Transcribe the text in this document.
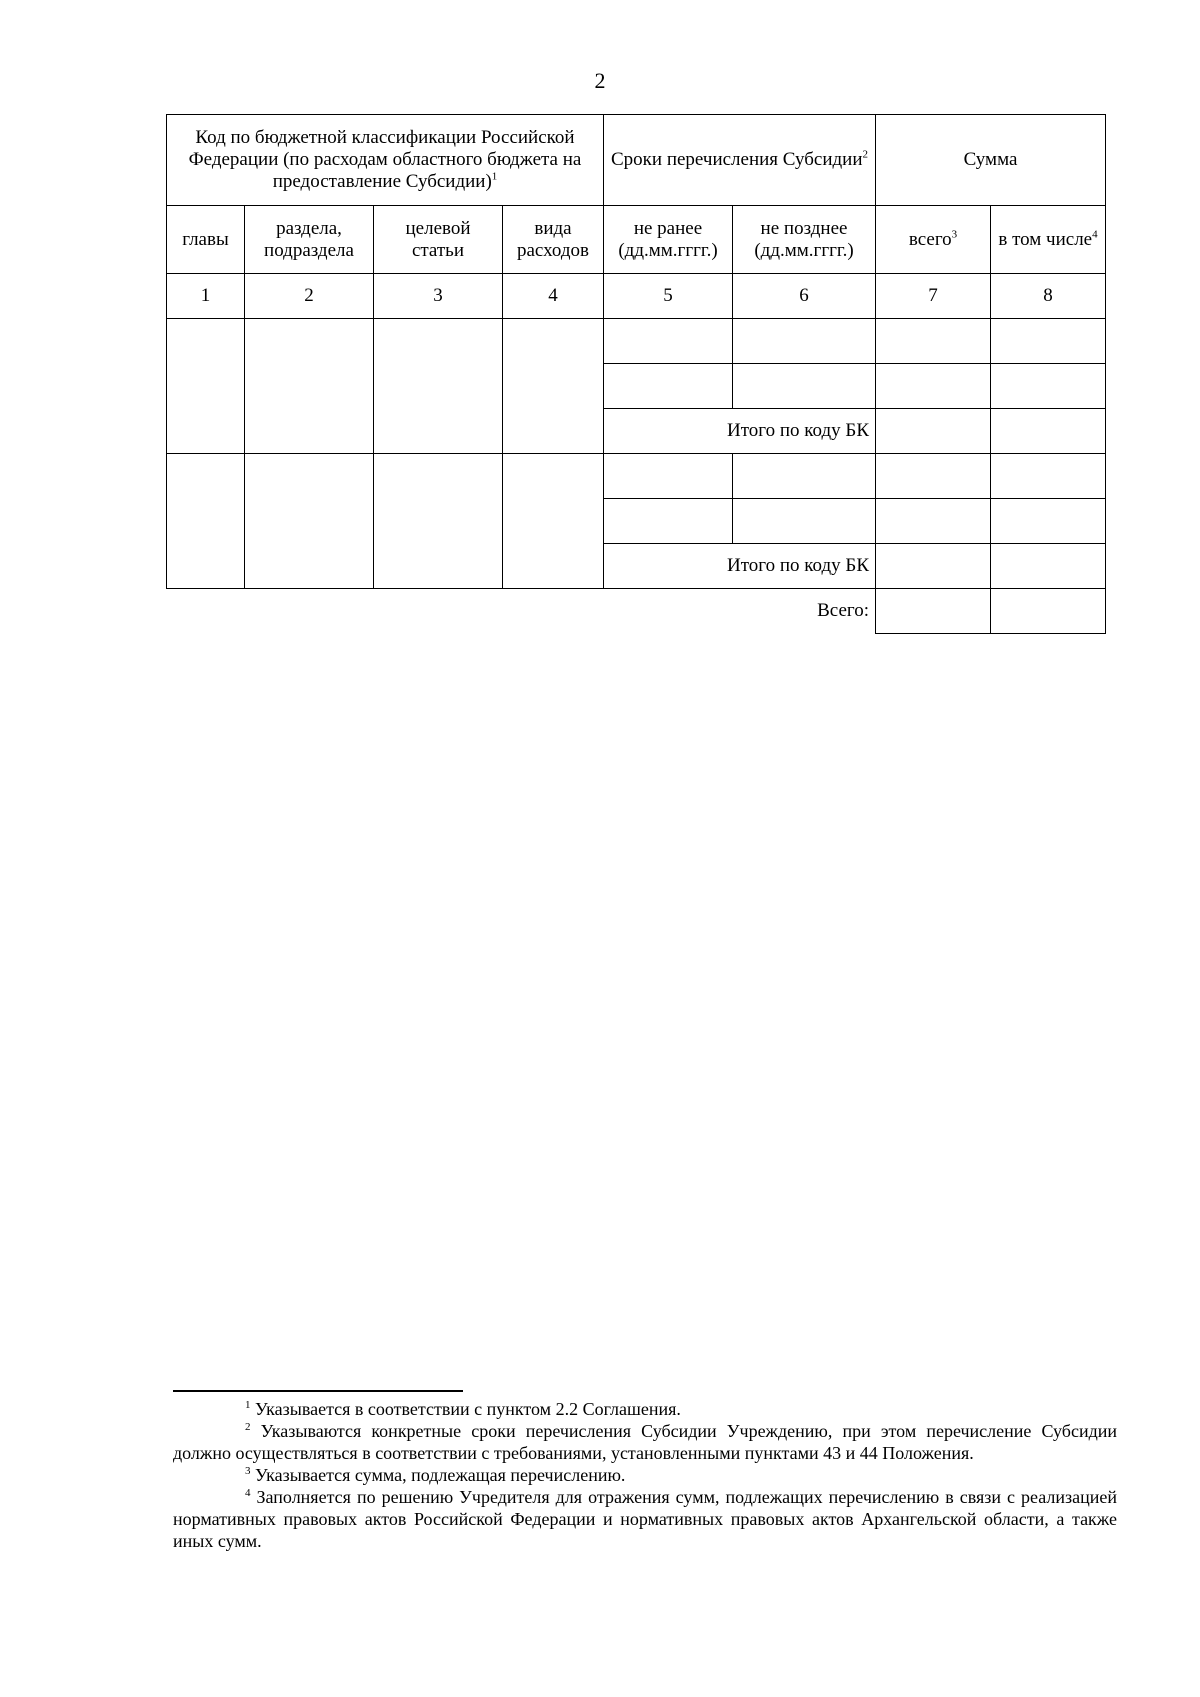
2
Код по бюджетной классификации Российской Федерации (по расходам областного бюджета на предоставление Субсидии)$^1$				Сроки перечисления Субсидии$^2$		Сумма	
главы	раздела, подраздела	целевой статьи	вида расходов	не ранее (дд.мм.гггг.)	не позднее (дд.мм.гггг.)	всего$^3$	в том числе$^4$
1	2	3	4	5	6	7	8

				Итого по коду БК			

				Итого по коду БК			
Всего:							

$^1$ Указывается в соответствии с пунктом 2.2 Соглашения.

$^2$ Указываются конкретные сроки перечисления Субсидии Учреждению, при этом перечисление Субсидии должно осуществляться в соответствии с требованиями, установленными пунктами 43 и 44 Положения.

$^3$ Указывается сумма, подлежащая перечислению.

$^4$ Заполняется по решению Учредителя для отражения сумм, подлежащих перечислению в связи с реализацией нормативных правовых актов Российской Федерации и нормативных правовых актов Архангельской области, а также иных сумм.
